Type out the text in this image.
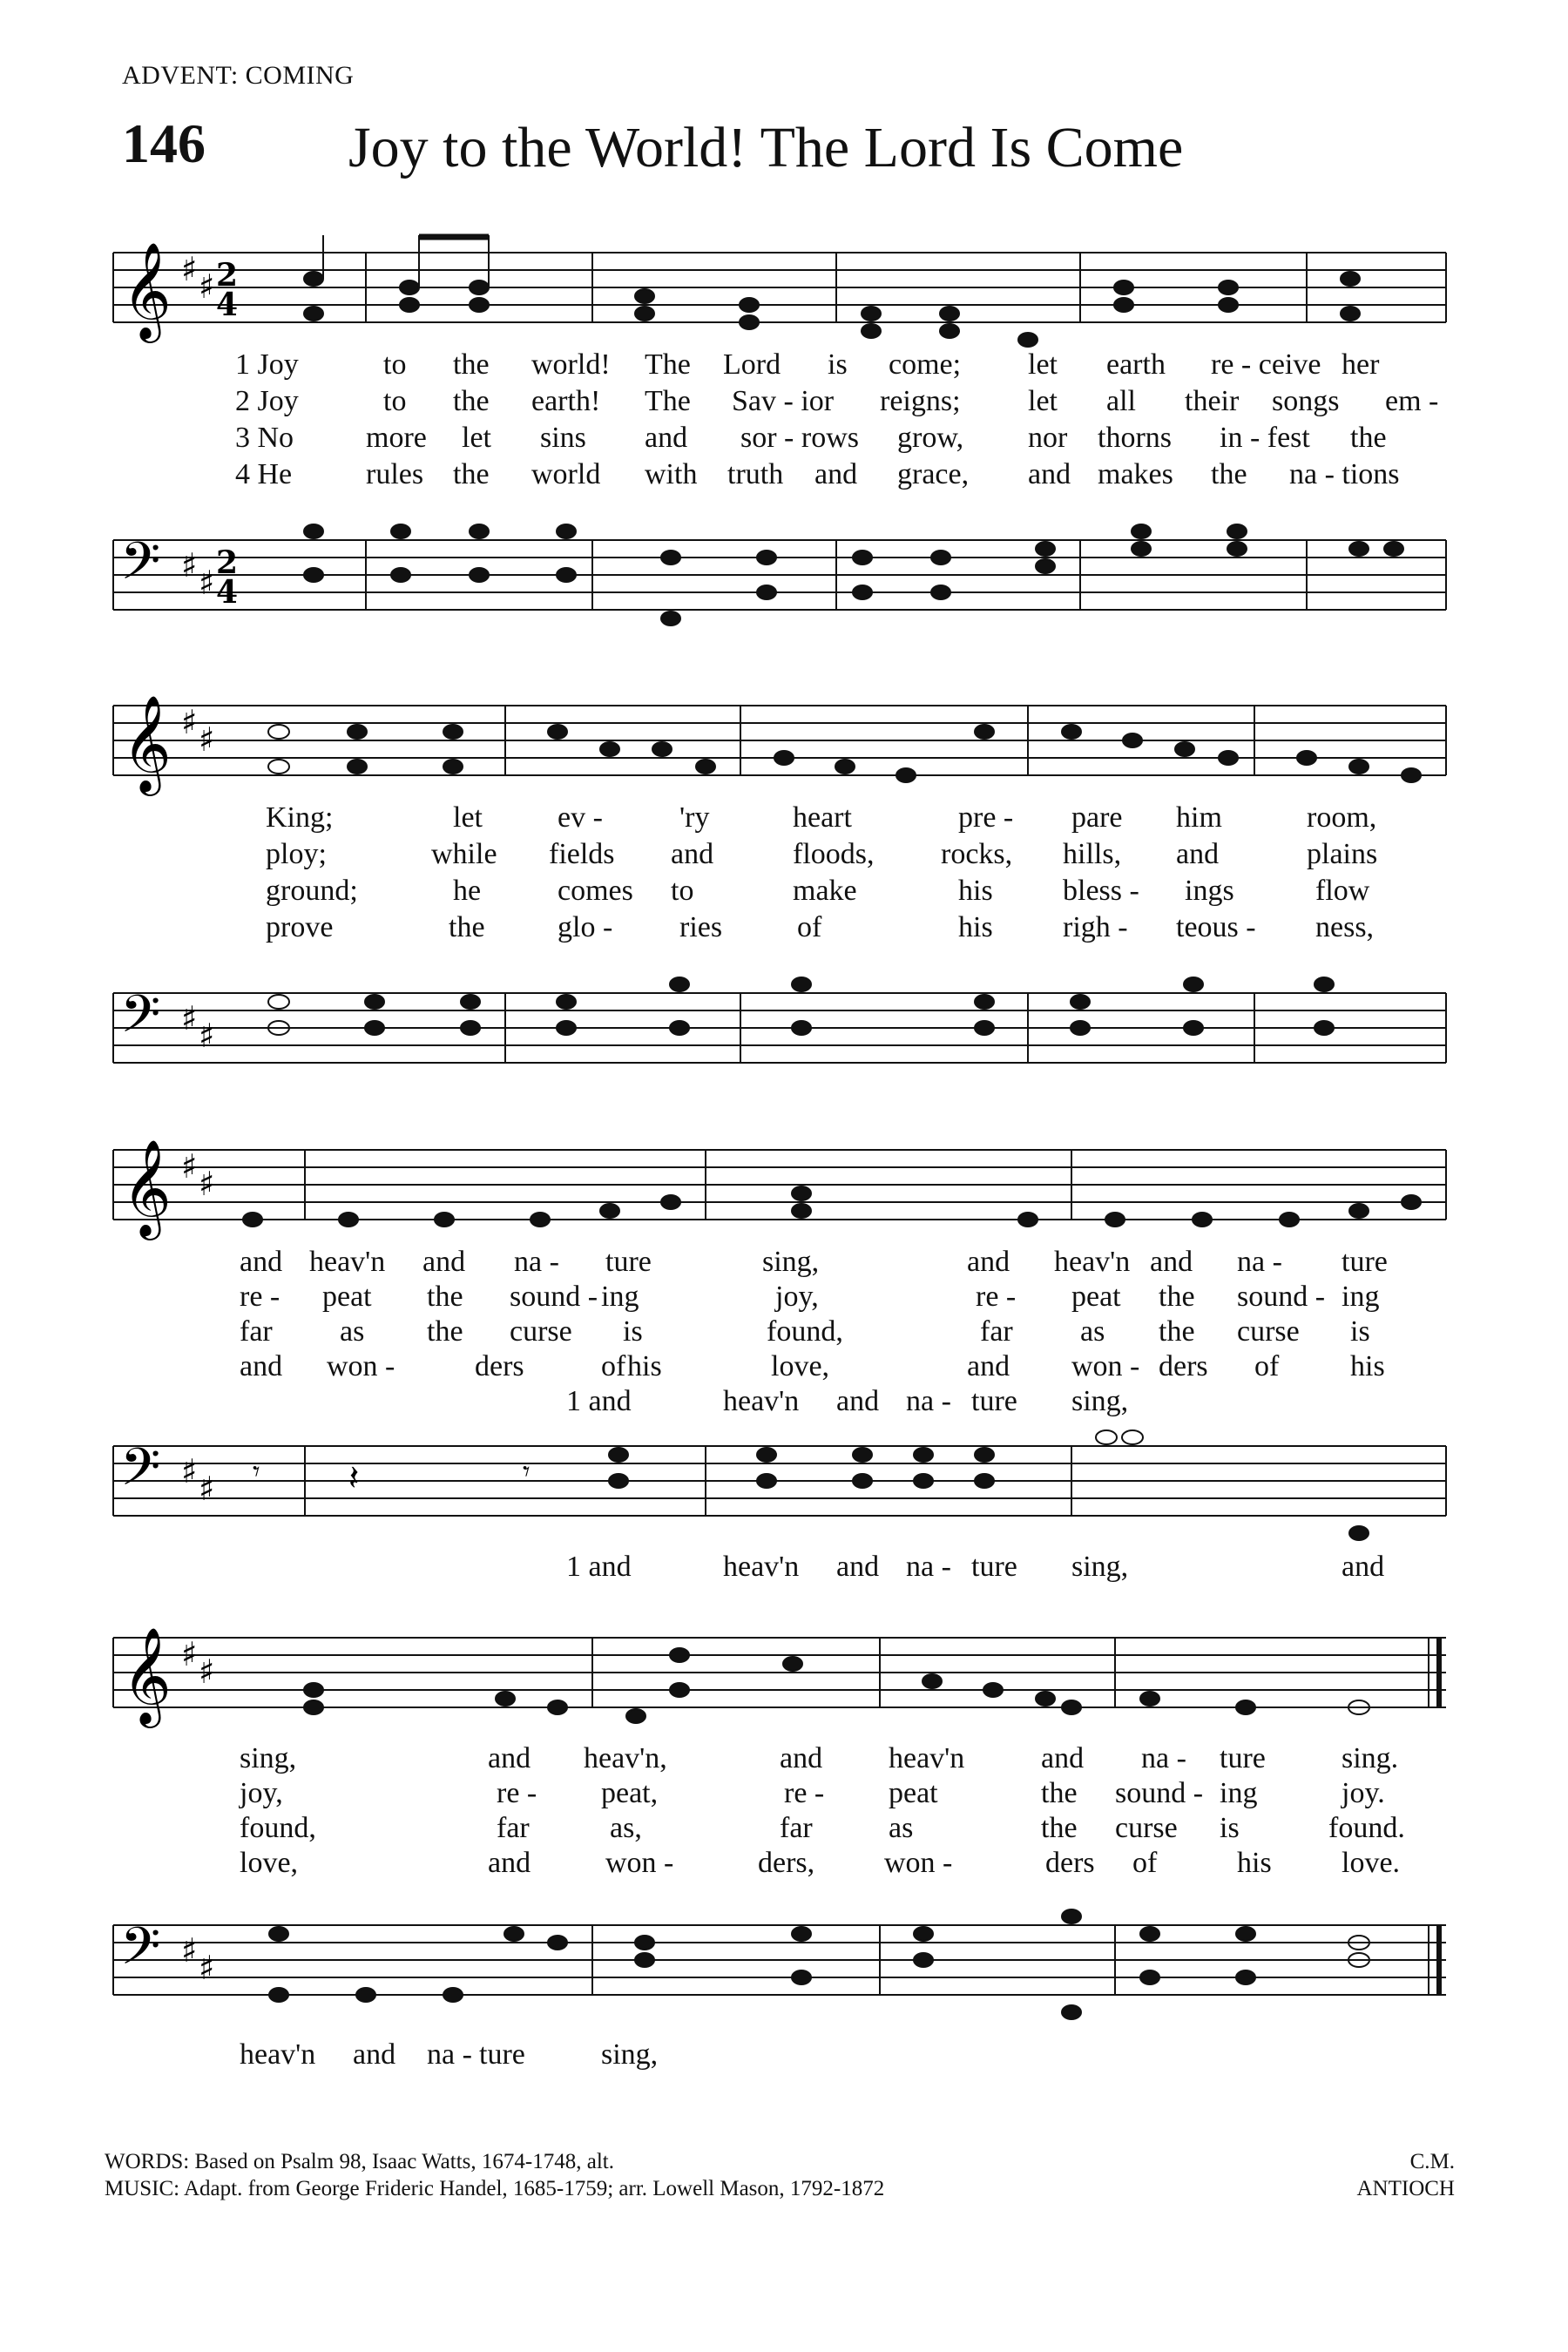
ADVENT: COMING
146 Joy to the World! The Lord Is Come
𝄞 ♯ ♯ 2
4
1 Joy	to the world! The Lord is come; let earth re - ceive her
2 Joy	to the earth! The Sav - ior reigns; let all their songs em -
3 No more let sins and sor - rows grow, nor thorns in - fest the
4 He rules the world with truth and grace, and makes the na - tions
𝄢 ♯ ♯
2
4
𝄞 ♯ ♯
King;	let	ev -	'ry	heart	pre - pare him	room,
ploy;	while fields and	floods, rocks, hills, and	plains
ground;	he	comes to	make	his bless - ings	flow
prove	the glo - ries	of	his righ - teous - ness,
𝄢 ♯ ♯
𝄞 ♯ ♯
and heav'n and na - ture	sing,	and heav'n and na - ture
re - peat the sound - ing	joy,	re - peat the sound - ing
far as the curse is	found,	far as the curse is
and won -	ders	of his	love,	and won - ders of his
1 and	heav'n and na - ture sing,
𝄢 ♯ ♯ 𝄾	𝄽	𝄾
1 and	heav'n and na - ture sing,	and
𝄞 ♯ ♯
sing,	and heav'n,	and heav'n	and na - ture	sing.
joy,	re - peat,	re - peat	the sound - ing	joy.
found,	far	as,	far	as	the curse is	found.
love,	and	won -	ders, won -	ders of	his love.
𝄢 ♯ ♯
heav'n and na - ture	sing,
WORDS: Based on Psalm 98, Isaac Watts, 1674-1748, alt.
MUSIC: Adapt. from George Frideric Handel, 1685-1759; arr. Lowell Mason, 1792-1872
C.M.
ANTIOCH
